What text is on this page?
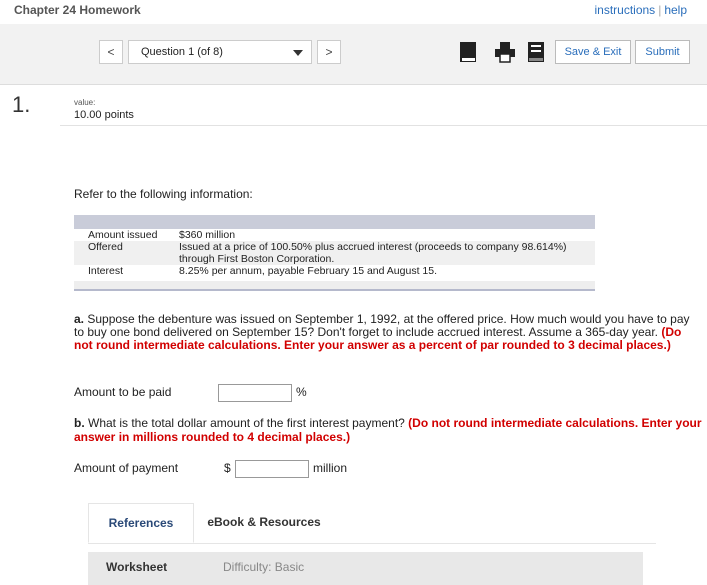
Chapter 24 Homework	instructions | help
<	Question 1 (of 8)	>	Save & Exit	Submit
1.	value:
10.00 points
Refer to the following information:
Amount issued	$360 million
Offered	Issued at a price of 100.50% plus accrued interest (proceeds to company 98.614%) through First Boston Corporation.
Interest	8.25% per annum, payable February 15 and August 15.
a. Suppose the debenture was issued on September 1, 1992, at the offered price. How much would you have to pay to buy one bond delivered on September 15? Don't forget to include accrued interest. Assume a 365-day year. (Do not round intermediate calculations. Enter your answer as a percent of par rounded to 3 decimal places.)
Amount to be paid	%
b. What is the total dollar amount of the first interest payment? (Do not round intermediate calculations. Enter your answer in millions rounded to 4 decimal places.)
Amount of payment	$	million
References	eBook & Resources
Worksheet	Difficulty: Basic
